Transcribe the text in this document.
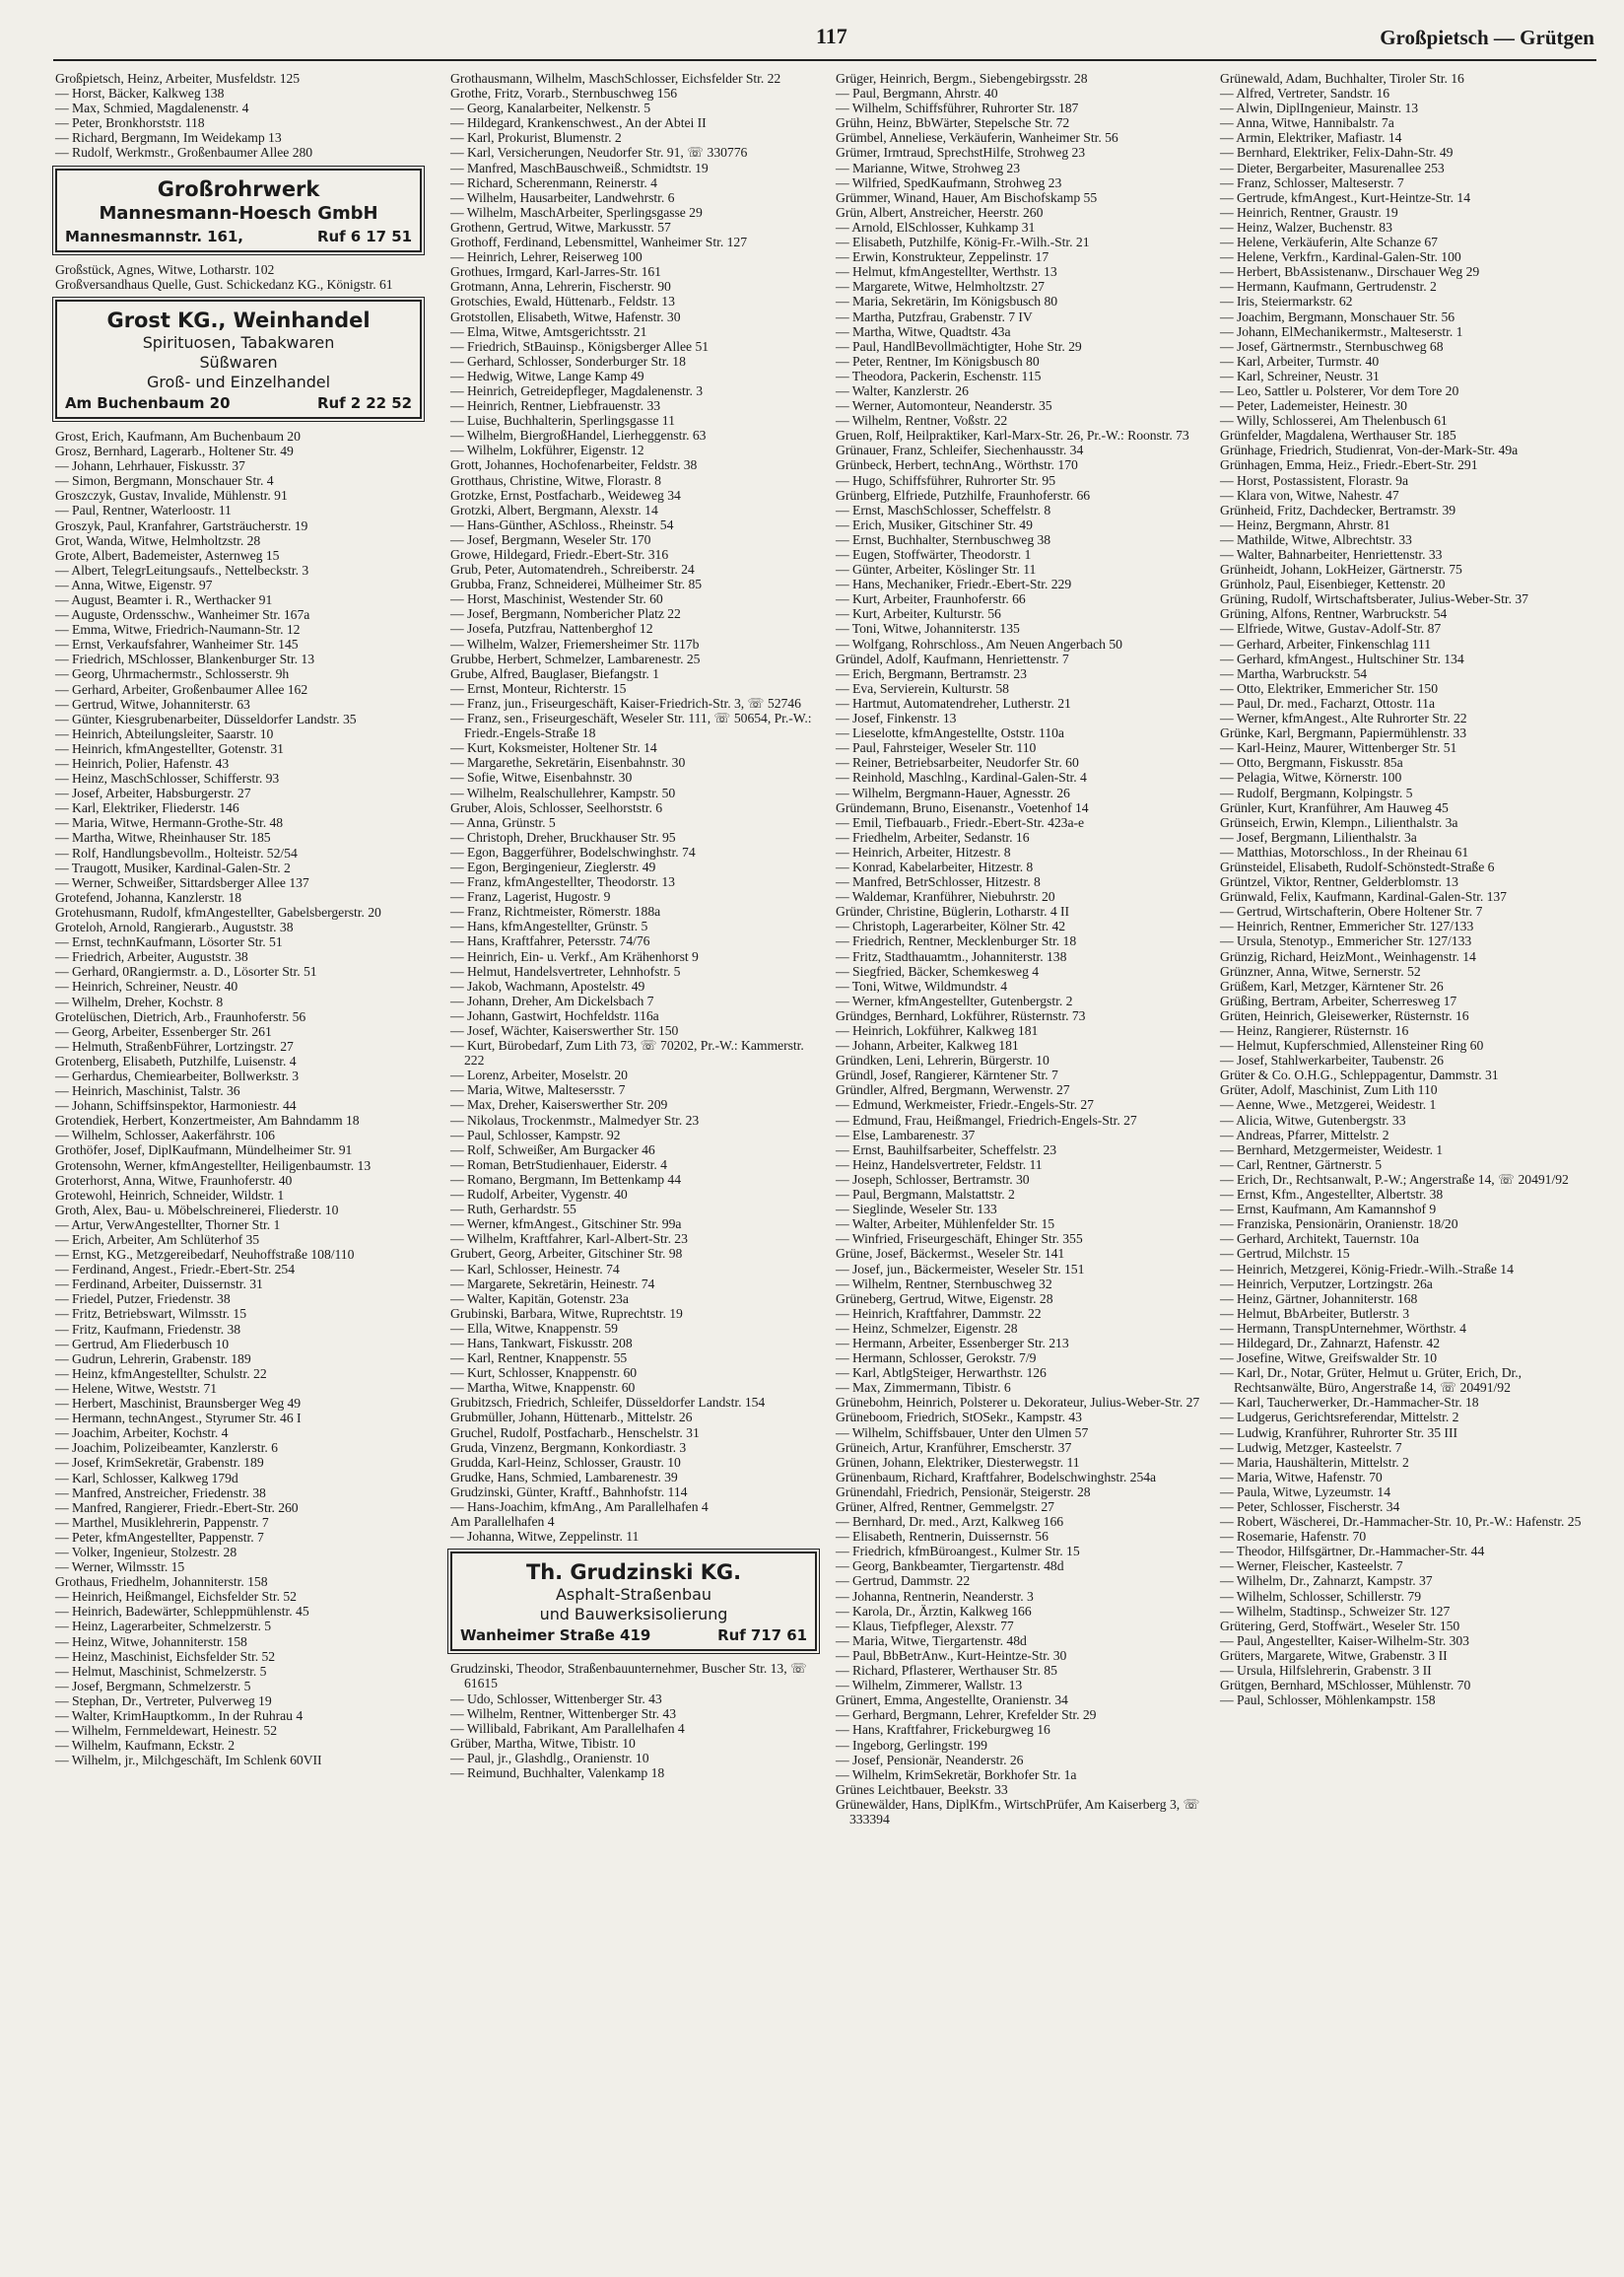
117	Großpietsch — Grütgen

Großpietsch, Heinz, Arbeiter, Musfeldstr. 125

— Horst, Bäcker, Kalkweg 138

— Max, Schmied, Magdalenenstr. 4

— Peter, Bronkhorststr. 118

— Richard, Bergmann, Im Weidekamp 13

— Rudolf, Werkmstr., Großenbaumer Allee 280

Großrohrwerk
Mannesmann-Hoesch GmbH
Mannesmannstr. 161,	Ruf 6 17 51

Großstück, Agnes, Witwe, Lotharstr. 102

Großversandhaus Quelle, Gust. Schickedanz KG., Königstr. 61

Grost KG., Weinhandel
Spirituosen, Tabakwaren
Süßwaren
Groß- und Einzelhandel
Am Buchenbaum 20	Ruf 2 22 52

Grost, Erich, Kaufmann, Am Buchenbaum 20

Grosz, Bernhard, Lagerarb., Holtener Str. 49

— Johann, Lehrhauer, Fiskusstr. 37

— Simon, Bergmann, Monschauer Str. 4

Groszczyk, Gustav, Invalide, Mühlenstr. 91

— Paul, Rentner, Waterloostr. 11

Groszyk, Paul, Kranfahrer, Gartsträucherstr. 19

Grot, Wanda, Witwe, Helmholtzstr. 28

Grote, Albert, Bademeister, Asternweg 15

— Albert, TelegrLeitungsaufs., Nettelbeckstr. 3

— Anna, Witwe, Eigenstr. 97

— August, Beamter i. R., Werthacker 91

— Auguste, Ordensschw., Wanheimer Str. 167a

— Emma, Witwe, Friedrich-Naumann-Str. 12

— Ernst, Verkaufsfahrer, Wanheimer Str. 145

— Friedrich, MSchlosser, Blankenburger Str. 13

— Georg, Uhrmachermstr., Schlosserstr. 9h

— Gerhard, Arbeiter, Großenbaumer Allee 162

— Gertrud, Witwe, Johanniterstr. 63

— Günter, Kiesgrubenarbeiter, Düsseldorfer Landstr. 35

— Heinrich, Abteilungsleiter, Saarstr. 10

— Heinrich, kfmAngestellter, Gotenstr. 31

— Heinrich, Polier, Hafenstr. 43

— Heinz, MaschSchlosser, Schifferstr. 93

— Josef, Arbeiter, Habsburgerstr. 27

— Karl, Elektriker, Fliederstr. 146

— Maria, Witwe, Hermann-Grothe-Str. 48

— Martha, Witwe, Rheinhauser Str. 185

— Rolf, Handlungsbevollm., Holteistr. 52/54

— Traugott, Musiker, Kardinal-Galen-Str. 2

— Werner, Schweißer, Sittardsberger Allee 137

Grotefend, Johanna, Kanzlerstr. 18

Grotehusmann, Rudolf, kfmAngestellter, Gabelsbergerstr. 20

Groteloh, Arnold, Rangierarb., Auguststr. 38

— Ernst, technKaufmann, Lösorter Str. 51

— Friedrich, Arbeiter, Auguststr. 38

— Gerhard, 0Rangiermstr. a. D., Lösorter Str. 51

— Heinrich, Schreiner, Neustr. 40

— Wilhelm, Dreher, Kochstr. 8

Grotelüschen, Dietrich, Arb., Fraunhoferstr. 56

— Georg, Arbeiter, Essenberger Str. 261

— Helmuth, StraßenbFührer, Lortzingstr. 27

Grotenberg, Elisabeth, Putzhilfe, Luisenstr. 4

— Gerhardus, Chemiearbeiter, Bollwerkstr. 3

— Heinrich, Maschinist, Talstr. 36

— Johann, Schiffsinspektor, Harmoniestr. 44

Grotendiek, Herbert, Konzertmeister, Am Bahndamm 18

— Wilhelm, Schlosser, Aakerfährstr. 106

Grothöfer, Josef, DiplKaufmann, Mündelheimer Str. 91

Grotensohn, Werner, kfmAngestellter, Heiligenbaumstr. 13

Groterhorst, Anna, Witwe, Fraunhoferstr. 40

Grotewohl, Heinrich, Schneider, Wildstr. 1

Groth, Alex, Bau- u. Möbelschreinerei, Fliederstr. 10

— Artur, VerwAngestellter, Thorner Str. 1

— Erich, Arbeiter, Am Schlüterhof 35

— Ernst, KG., Metzgereibedarf, Neuhoffstraße 108/110

— Ferdinand, Angest., Friedr.-Ebert-Str. 254

— Ferdinand, Arbeiter, Duissernstr. 31

— Friedel, Putzer, Friedenstr. 38

— Fritz, Betriebswart, Wilmsstr. 15

— Fritz, Kaufmann, Friedenstr. 38

— Gertrud, Am Fliederbusch 10

— Gudrun, Lehrerin, Grabenstr. 189

— Heinz, kfmAngestellter, Schulstr. 22

— Helene, Witwe, Weststr. 71

— Herbert, Maschinist, Braunsberger Weg 49

— Hermann, technAngest., Styrumer Str. 46 I

— Joachim, Arbeiter, Kochstr. 4

— Joachim, Polizeibeamter, Kanzlerstr. 6

— Josef, KrimSekretär, Grabenstr. 189

— Karl, Schlosser, Kalkweg 179d

— Manfred, Anstreicher, Friedenstr. 38

— Manfred, Rangierer, Friedr.-Ebert-Str. 260

— Marthel, Musiklehrerin, Pappenstr. 7

— Peter, kfmAngestellter, Pappenstr. 7

— Volker, Ingenieur, Stolzestr. 28

— Werner, Wilmsstr. 15

Grothaus, Friedhelm, Johanniterstr. 158

— Heinrich, Heißmangel, Eichsfelder Str. 52

— Heinrich, Badewärter, Schleppmühlenstr. 45

— Heinz, Lagerarbeiter, Schmelzerstr. 5

— Heinz, Witwe, Johanniterstr. 158

— Heinz, Maschinist, Eichsfelder Str. 52

— Helmut, Maschinist, Schmelzerstr. 5

— Josef, Bergmann, Schmelzerstr. 5

— Stephan, Dr., Vertreter, Pulverweg 19

— Walter, KrimHauptkomm., In der Ruhrau 4

— Wilhelm, Fernmeldewart, Heinestr. 52

— Wilhelm, Kaufmann, Eckstr. 2

— Wilhelm, jr., Milchgeschäft, Im Schlenk 60VII

Grothausmann, Wilhelm, MaschSchlosser, Eichsfelder Str. 22

Grothe, Fritz, Vorarb., Sternbuschweg 156

— Georg, Kanalarbeiter, Nelkenstr. 5

— Hildegard, Krankenschwest., An der Abtei II

— Karl, Prokurist, Blumenstr. 2

— Karl, Versicherungen, Neudorfer Str. 91, ☏ 330776

— Manfred, MaschBauschweiß., Schmidtstr. 19

— Richard, Scherenmann, Reinerstr. 4

— Wilhelm, Hausarbeiter, Landwehrstr. 6

— Wilhelm, MaschArbeiter, Sperlingsgasse 29

Grothenn, Gertrud, Witwe, Markusstr. 57

Grothoff, Ferdinand, Lebensmittel, Wanheimer Str. 127

— Heinrich, Lehrer, Reiserweg 100

Grothues, Irmgard, Karl-Jarres-Str. 161

Grotmann, Anna, Lehrerin, Fischerstr. 90

Grotschies, Ewald, Hüttenarb., Feldstr. 13

Grotstollen, Elisabeth, Witwe, Hafenstr. 30

— Elma, Witwe, Amtsgerichtsstr. 21

— Friedrich, StBauinsp., Königsberger Allee 51

— Gerhard, Schlosser, Sonderburger Str. 18

— Hedwig, Witwe, Lange Kamp 49

— Heinrich, Getreidepfleger, Magdalenenstr. 3

— Heinrich, Rentner, Liebfrauenstr. 33

— Luise, Buchhalterin, Sperlingsgasse 11

— Wilhelm, BiergroßHandel, Lierheggenstr. 63

— Wilhelm, Lokführer, Eigenstr. 12

Grott, Johannes, Hochofenarbeiter, Feldstr. 38

Grotthaus, Christine, Witwe, Florastr. 8

Grotzke, Ernst, Postfacharb., Weideweg 34

Grotzki, Albert, Bergmann, Alexstr. 14

— Hans-Günther, ASchloss., Rheinstr. 54

— Josef, Bergmann, Weseler Str. 170

Growe, Hildegard, Friedr.-Ebert-Str. 316

Grub, Peter, Automatendreh., Schreiberstr. 24

Grubba, Franz, Schneiderei, Mülheimer Str. 85

— Horst, Maschinist, Westender Str. 60

— Josef, Bergmann, Nombericher Platz 22

— Josefa, Putzfrau, Nattenberghof 12

— Wilhelm, Walzer, Friemersheimer Str. 117b

Grubbe, Herbert, Schmelzer, Lambarenestr. 25

Grube, Alfred, Bauglaser, Biefangstr. 1

— Ernst, Monteur, Richterstr. 15

— Franz, jun., Friseurgeschäft, Kaiser-Friedrich-Str. 3, ☏ 52746

— Franz, sen., Friseurgeschäft, Weseler Str. 111, ☏ 50654, Pr.-W.: Friedr.-Engels-Straße 18

— Kurt, Koksmeister, Holtener Str. 14

— Margarethe, Sekretärin, Eisenbahnstr. 30

— Sofie, Witwe, Eisenbahnstr. 30

— Wilhelm, Realschullehrer, Kampstr. 50

Gruber, Alois, Schlosser, Seelhorststr. 6

— Anna, Grünstr. 5

— Christoph, Dreher, Bruckhauser Str. 95

— Egon, Baggerführer, Bodelschwinghstr. 74

— Egon, Bergingenieur, Zieglerstr. 49

— Franz, kfmAngestellter, Theodorstr. 13

— Franz, Lagerist, Hugostr. 9

— Franz, Richtmeister, Römerstr. 188a

— Hans, kfmAngestellter, Grünstr. 5

— Hans, Kraftfahrer, Petersstr. 74/76

— Heinrich, Ein- u. Verkf., Am Krähenhorst 9

— Helmut, Handelsvertreter, Lehnhofstr. 5

— Jakob, Wachmann, Apostelstr. 49

— Johann, Dreher, Am Dickelsbach 7

— Johann, Gastwirt, Hochfeldstr. 116a

— Josef, Wächter, Kaiserswerther Str. 150

— Kurt, Bürobedarf, Zum Lith 73, ☏ 70202, Pr.-W.: Kammerstr. 222

— Lorenz, Arbeiter, Moselstr. 20

— Maria, Witwe, Maltesersstr. 7

— Max, Dreher, Kaiserswerther Str. 209

— Nikolaus, Trockenmstr., Malmedyer Str. 23

— Paul, Schlosser, Kampstr. 92

— Rolf, Schweißer, Am Burgacker 46

— Roman, BetrStudienhauer, Eiderstr. 4

— Romano, Bergmann, Im Bettenkamp 44

— Rudolf, Arbeiter, Vygenstr. 40

— Ruth, Gerhardstr. 55

— Werner, kfmAngest., Gitschiner Str. 99a

— Wilhelm, Kraftfahrer, Karl-Albert-Str. 23

Grubert, Georg, Arbeiter, Gitschiner Str. 98

— Karl, Schlosser, Heinestr. 74

— Margarete, Sekretärin, Heinestr. 74

— Walter, Kapitän, Gotenstr. 23a

Grubinski, Barbara, Witwe, Ruprechtstr. 19

— Ella, Witwe, Knappenstr. 59

— Hans, Tankwart, Fiskusstr. 208

— Karl, Rentner, Knappenstr. 55

— Kurt, Schlosser, Knappenstr. 60

— Martha, Witwe, Knappenstr. 60

Grubitzsch, Friedrich, Schleifer, Düsseldorfer Landstr. 154

Grubmüller, Johann, Hüttenarb., Mittelstr. 26

Gruchel, Rudolf, Postfacharb., Henschelstr. 31

Gruda, Vinzenz, Bergmann, Konkordiastr. 3

Grudda, Karl-Heinz, Schlosser, Graustr. 10

Grudke, Hans, Schmied, Lambarenestr. 39

Grudzinski, Günter, Kraftf., Bahnhofstr. 114

— Hans-Joachim, kfmAng., Am Parallelhafen 4

Am Parallelhafen 4

— Johanna, Witwe, Zeppelinstr. 11

Th. Grudzinski KG.
Asphalt-Straßenbau
und Bauwerksisolierung
Wanheimer Straße 419	Ruf 717 61

Grudzinski, Theodor, Straßenbauunternehmer, Buscher Str. 13, ☏ 61615

— Udo, Schlosser, Wittenberger Str. 43

— Wilhelm, Rentner, Wittenberger Str. 43

— Willibald, Fabrikant, Am Parallelhafen 4

Grüber, Martha, Witwe, Tibistr. 10

— Paul, jr., Glashdlg., Oranienstr. 10

— Reimund, Buchhalter, Valenkamp 18

Grüger, Heinrich, Bergm., Siebengebirgsstr. 28

— Paul, Bergmann, Ahrstr. 40

— Wilhelm, Schiffsführer, Ruhrorter Str. 187

Grühn, Heinz, BbWärter, Stepelsche Str. 72

Grümbel, Anneliese, Verkäuferin, Wanheimer Str. 56

Grümer, Irmtraud, SprechstHilfe, Strohweg 23

— Marianne, Witwe, Strohweg 23

— Wilfried, SpedKaufmann, Strohweg 23

Grümmer, Winand, Hauer, Am Bischofskamp 55

Grün, Albert, Anstreicher, Heerstr. 260

— Arnold, ElSchlosser, Kuhkamp 31

— Elisabeth, Putzhilfe, König-Fr.-Wilh.-Str. 21

— Erwin, Konstrukteur, Zeppelinstr. 17

— Helmut, kfmAngestellter, Werthstr. 13

— Margarete, Witwe, Helmholtzstr. 27

— Maria, Sekretärin, Im Königsbusch 80

— Martha, Putzfrau, Grabenstr. 7 IV

— Martha, Witwe, Quadtstr. 43a

— Paul, HandlBevollmächtigter, Hohe Str. 29

— Peter, Rentner, Im Königsbusch 80

— Theodora, Packerin, Eschenstr. 115

— Walter, Kanzlerstr. 26

— Werner, Automonteur, Neanderstr. 35

— Wilhelm, Rentner, Voßstr. 22

Gruen, Rolf, Heilpraktiker, Karl-Marx-Str. 26, Pr.-W.: Roonstr. 73

Grünauer, Franz, Schleifer, Siechenhausstr. 34

Grünbeck, Herbert, technAng., Wörthstr. 170

— Hugo, Schiffsführer, Ruhrorter Str. 95

Grünberg, Elfriede, Putzhilfe, Fraunhoferstr. 66

— Ernst, MaschSchlosser, Scheffelstr. 8

— Erich, Musiker, Gitschiner Str. 49

— Ernst, Buchhalter, Sternbuschweg 38

— Eugen, Stoffwärter, Theodorstr. 1

— Günter, Arbeiter, Köslinger Str. 11

— Hans, Mechaniker, Friedr.-Ebert-Str. 229

— Kurt, Arbeiter, Fraunhoferstr. 66

— Kurt, Arbeiter, Kulturstr. 56

— Toni, Witwe, Johanniterstr. 135

— Wolfgang, Rohrschloss., Am Neuen Angerbach 50

Gründel, Adolf, Kaufmann, Henriettenstr. 7

— Erich, Bergmann, Bertramstr. 23

— Eva, Servierein, Kulturstr. 58

— Hartmut, Automatendreher, Lutherstr. 21

— Josef, Finkenstr. 13

— Lieselotte, kfmAngestellte, Oststr. 110a

— Paul, Fahrsteiger, Weseler Str. 110

— Reiner, Betriebsarbeiter, Neudorfer Str. 60

— Reinhold, Maschlng., Kardinal-Galen-Str. 4

— Wilhelm, Bergmann-Hauer, Agnesstr. 26

Gründemann, Bruno, Eisenanstr., Voetenhof 14

— Emil, Tiefbauarb., Friedr.-Ebert-Str. 423a-e

— Friedhelm, Arbeiter, Sedanstr. 16

— Heinrich, Arbeiter, Hitzestr. 8

— Konrad, Kabelarbeiter, Hitzestr. 8

— Manfred, BetrSchlosser, Hitzestr. 8

— Waldemar, Kranführer, Niebuhrstr. 20

Gründer, Christine, Büglerin, Lotharstr. 4 II

— Christoph, Lagerarbeiter, Kölner Str. 42

— Friedrich, Rentner, Mecklenburger Str. 18

— Fritz, Stadthauamtm., Johanniterstr. 138

— Siegfried, Bäcker, Schemkesweg 4

— Toni, Witwe, Wildmundstr. 4

— Werner, kfmAngestellter, Gutenbergstr. 2

Gründges, Bernhard, Lokführer, Rüsternstr. 73

— Heinrich, Lokführer, Kalkweg 181

— Johann, Arbeiter, Kalkweg 181

Gründken, Leni, Lehrerin, Bürgerstr. 10

Gründl, Josef, Rangierer, Kärntener Str. 7

Gründler, Alfred, Bergmann, Werwenstr. 27

— Edmund, Werkmeister, Friedr.-Engels-Str. 27

— Edmund, Frau, Heißmangel, Friedrich-Engels-Str. 27

— Else, Lambarenestr. 37

— Ernst, Bauhilfsarbeiter, Scheffelstr. 23

— Heinz, Handelsvertreter, Feldstr. 11

— Joseph, Schlosser, Bertramstr. 30

— Paul, Bergmann, Malstattstr. 2

— Sieglinde, Weseler Str. 133

— Walter, Arbeiter, Mühlenfelder Str. 15

— Winfried, Friseurgeschäft, Ehinger Str. 355

Grüne, Josef, Bäckermst., Weseler Str. 141

— Josef, jun., Bäckermeister, Weseler Str. 151

— Wilhelm, Rentner, Sternbuschweg 32

Grüneberg, Gertrud, Witwe, Eigenstr. 28

— Heinrich, Kraftfahrer, Dammstr. 22

— Heinz, Schmelzer, Eigenstr. 28

— Hermann, Arbeiter, Essenberger Str. 213

— Hermann, Schlosser, Gerokstr. 7/9

— Karl, AbtlgSteiger, Herwarthstr. 126

— Max, Zimmermann, Tibistr. 6

Grünebohm, Heinrich, Polsterer u. Dekorateur, Julius-Weber-Str. 27

Grüneboom, Friedrich, StOSekr., Kampstr. 43

— Wilhelm, Schiffsbauer, Unter den Ulmen 57

Grüneich, Artur, Kranführer, Emscherstr. 37

Grünen, Johann, Elektriker, Diesterwegstr. 11

Grünenbaum, Richard, Kraftfahrer, Bodelschwinghstr. 254a

Grünendahl, Friedrich, Pensionär, Steigerstr. 28

Grüner, Alfred, Rentner, Gemmelgstr. 27

— Bernhard, Dr. med., Arzt, Kalkweg 166

— Elisabeth, Rentnerin, Duissernstr. 56

— Friedrich, kfmBüroangest., Kulmer Str. 15

— Georg, Bankbeamter, Tiergartenstr. 48d

— Gertrud, Dammstr. 22

— Johanna, Rentnerin, Neanderstr. 3

— Karola, Dr., Ärztin, Kalkweg 166

— Klaus, Tiefpfleger, Alexstr. 77

— Maria, Witwe, Tiergartenstr. 48d

— Paul, BbBetrAnw., Kurt-Heintze-Str. 30

— Richard, Pflasterer, Werthauser Str. 85

— Wilhelm, Zimmerer, Wallstr. 13

Grünert, Emma, Angestellte, Oranienstr. 34

— Gerhard, Bergmann, Lehrer, Krefelder Str. 29

— Hans, Kraftfahrer, Frickeburgweg 16

— Ingeborg, Gerlingstr. 199

— Josef, Pensionär, Neanderstr. 26

— Wilhelm, KrimSekretär, Borkhofer Str. 1a

Grünes Leichtbauer, Beekstr. 33

Grünewälder, Hans, DiplKfm., WirtschPrüfer, Am Kaiserberg 3, ☏ 333394

Grünewald, Adam, Buchhalter, Tiroler Str. 16

— Alfred, Vertreter, Sandstr. 16

— Alwin, DiplIngenieur, Mainstr. 13

— Anna, Witwe, Hannibalstr. 7a

— Armin, Elektriker, Mafiastr. 14

— Bernhard, Elektriker, Felix-Dahn-Str. 49

— Dieter, Bergarbeiter, Masurenallee 253

— Franz, Schlosser, Malteserstr. 7

— Gertrude, kfmAngest., Kurt-Heintze-Str. 14

— Heinrich, Rentner, Graustr. 19

— Heinz, Walzer, Buchenstr. 83

— Helene, Verkäuferin, Alte Schanze 67

— Helene, Verkfrn., Kardinal-Galen-Str. 100

— Herbert, BbAssistenanw., Dirschauer Weg 29

— Hermann, Kaufmann, Gertrudenstr. 2

— Iris, Steiermarkstr. 62

— Joachim, Bergmann, Monschauer Str. 56

— Johann, ElMechanikermstr., Malteserstr. 1

— Josef, Gärtnermstr., Sternbuschweg 68

— Karl, Arbeiter, Turmstr. 40

— Karl, Schreiner, Neustr. 31

— Leo, Sattler u. Polsterer, Vor dem Tore 20

— Peter, Lademeister, Heinestr. 30

— Willy, Schlosserei, Am Thelenbusch 61

Grünfelder, Magdalena, Werthauser Str. 185

Grünhage, Friedrich, Studienrat, Von-der-Mark-Str. 49a

Grünhagen, Emma, Heiz., Friedr.-Ebert-Str. 291

— Horst, Postassistent, Florastr. 9a

— Klara von, Witwe, Nahestr. 47

Grünheid, Fritz, Dachdecker, Bertramstr. 39

— Heinz, Bergmann, Ahrstr. 81

— Mathilde, Witwe, Albrechtstr. 33

— Walter, Bahnarbeiter, Henriettenstr. 33

Grünheidt, Johann, LokHeizer, Gärtnerstr. 75

Grünholz, Paul, Eisenbieger, Kettenstr. 20

Grüning, Rudolf, Wirtschaftsberater, Julius-Weber-Str. 37

Grüning, Alfons, Rentner, Warbruckstr. 54

— Elfriede, Witwe, Gustav-Adolf-Str. 87

— Gerhard, Arbeiter, Finkenschlag 111

— Gerhard, kfmAngest., Hultschiner Str. 134

— Martha, Warbruckstr. 54

— Otto, Elektriker, Emmericher Str. 150

— Paul, Dr. med., Facharzt, Ottostr. 11a

— Werner, kfmAngest., Alte Ruhrorter Str. 22

Grünke, Karl, Bergmann, Papiermühlenstr. 33

— Karl-Heinz, Maurer, Wittenberger Str. 51

— Otto, Bergmann, Fiskusstr. 85a

— Pelagia, Witwe, Körnerstr. 100

— Rudolf, Bergmann, Kolpingstr. 5

Grünler, Kurt, Kranführer, Am Hauweg 45

Grünseich, Erwin, Klempn., Lilienthalstr. 3a

— Josef, Bergmann, Lilienthalstr. 3a

— Matthias, Motorschloss., In der Rheinau 61

Grünsteidel, Elisabeth, Rudolf-Schönstedt-Straße 6

Grüntzel, Viktor, Rentner, Gelderblomstr. 13

Grünwald, Felix, Kaufmann, Kardinal-Galen-Str. 137

— Gertrud, Wirtschafterin, Obere Holtener Str. 7

— Heinrich, Rentner, Emmericher Str. 127/133

— Ursula, Stenotyp., Emmericher Str. 127/133

Grünzig, Richard, HeizMont., Weinhagenstr. 14

Grünzner, Anna, Witwe, Sernerstr. 52

Grüßem, Karl, Metzger, Kärntener Str. 26

Grüßing, Bertram, Arbeiter, Scherresweg 17

Grüten, Heinrich, Gleisewerker, Rüsternstr. 16

— Heinz, Rangierer, Rüsternstr. 16

— Helmut, Kupferschmied, Allensteiner Ring 60

— Josef, Stahlwerkarbeiter, Taubenstr. 26

Grüter & Co. O.H.G., Schleppagentur, Dammstr. 31

Grüter, Adolf, Maschinist, Zum Lith 110

— Aenne, Wwe., Metzgerei, Weidestr. 1

— Alicia, Witwe, Gutenbergstr. 33

— Andreas, Pfarrer, Mittelstr. 2

— Bernhard, Metzgermeister, Weidestr. 1

— Carl, Rentner, Gärtnerstr. 5

— Erich, Dr., Rechtsanwalt, P.-W.; Angerstraße 14, ☏ 20491/92

— Ernst, Kfm., Angestellter, Albertstr. 38

— Ernst, Kaufmann, Am Kamannshof 9

— Franziska, Pensionärin, Oranienstr. 18/20

— Gerhard, Architekt, Tauernstr. 10a

— Gertrud, Milchstr. 15

— Heinrich, Metzgerei, König-Friedr.-Wilh.-Straße 14

— Heinrich, Verputzer, Lortzingstr. 26a

— Heinz, Gärtner, Johanniterstr. 168

— Helmut, BbArbeiter, Butlerstr. 3

— Hermann, TranspUnternehmer, Wörthstr. 4

— Hildegard, Dr., Zahnarzt, Hafenstr. 42

— Josefine, Witwe, Greifswalder Str. 10

— Karl, Dr., Notar, Grüter, Helmut u. Grüter, Erich, Dr., Rechtsanwälte, Büro, Angerstraße 14, ☏ 20491/92

— Karl, Taucherwerker, Dr.-Hammacher-Str. 18

— Ludgerus, Gerichtsreferendar, Mittelstr. 2

— Ludwig, Kranführer, Ruhrorter Str. 35 III

— Ludwig, Metzger, Kasteelstr. 7

— Maria, Haushälterin, Mittelstr. 2

— Maria, Witwe, Hafenstr. 70

— Paula, Witwe, Lyzeumstr. 14

— Peter, Schlosser, Fischerstr. 34

— Robert, Wäscherei, Dr.-Hammacher-Str. 10, Pr.-W.: Hafenstr. 25

— Rosemarie, Hafenstr. 70

— Theodor, Hilfsgärtner, Dr.-Hammacher-Str. 44

— Werner, Fleischer, Kasteelstr. 7

— Wilhelm, Dr., Zahnarzt, Kampstr. 37

— Wilhelm, Schlosser, Schillerstr. 79

— Wilhelm, Stadtinsp., Schweizer Str. 127

Grütering, Gerd, Stoffwärt., Weseler Str. 150

— Paul, Angestellter, Kaiser-Wilhelm-Str. 303

Grüters, Margarete, Witwe, Grabenstr. 3 II

— Ursula, Hilfslehrerin, Grabenstr. 3 II

Grütgen, Bernhard, MSchlosser, Mühlenstr. 70

— Paul, Schlosser, Möhlenkampstr. 158
